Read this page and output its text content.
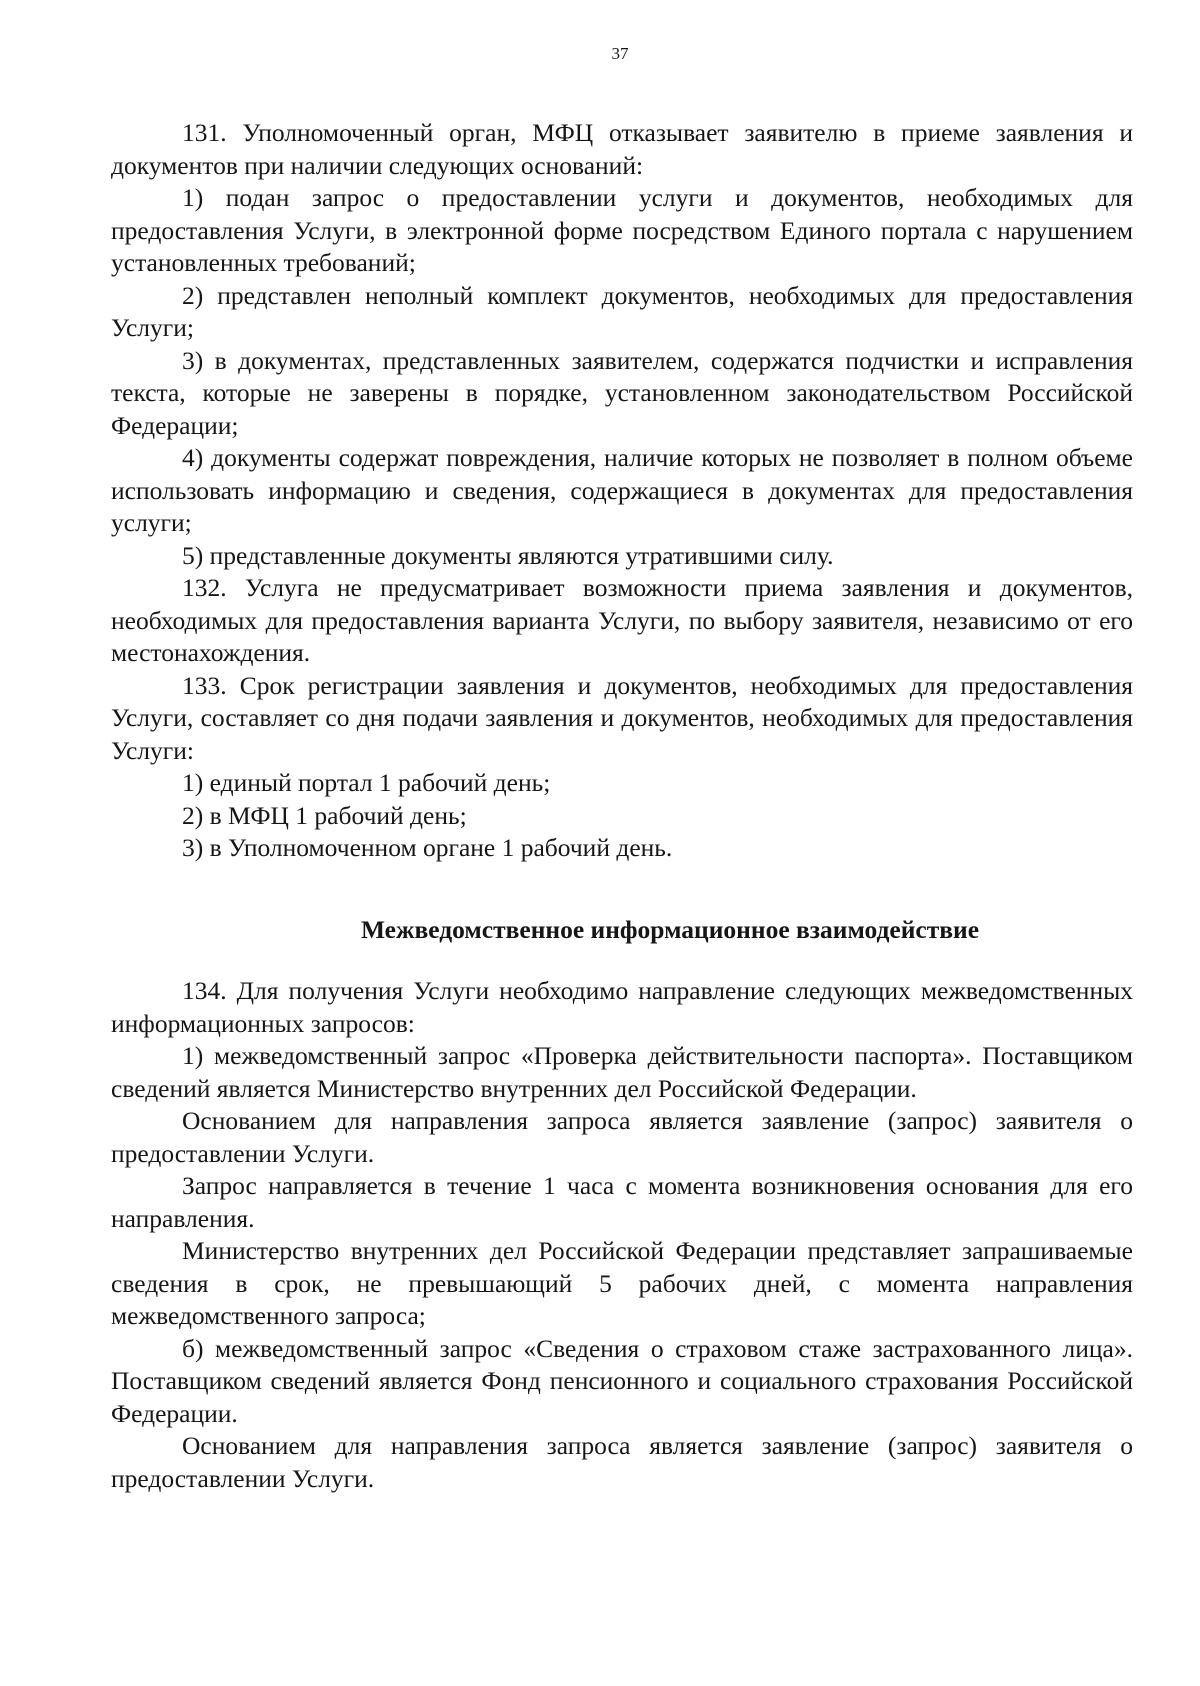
37

131. Уполномоченный орган, МФЦ отказывает заявителю в приеме заявления и документов при наличии следующих оснований:

1) подан запрос о предоставлении услуги и документов, необходимых для предоставления Услуги, в электронной форме посредством Единого портала с нарушением установленных требований;

2) представлен неполный комплект документов, необходимых для предоставления Услуги;

3) в документах, представленных заявителем, содержатся подчистки и исправления текста, которые не заверены в порядке, установленном законодательством Российской Федерации;

4) документы содержат повреждения, наличие которых не позволяет в полном объеме использовать информацию и сведения, содержащиеся в документах для предоставления услуги;

5) представленные документы являются утратившими силу.

132. Услуга не предусматривает возможности приема заявления и документов, необходимых для предоставления варианта Услуги, по выбору заявителя, независимо от его местонахождения.

133. Срок регистрации заявления и документов, необходимых для предоставления Услуги, составляет со дня подачи заявления и документов, необходимых для предоставления Услуги:

1) единый портал 1 рабочий день;

2) в МФЦ 1 рабочий день;

3) в Уполномоченном органе 1 рабочий день.

Межведомственное информационное взаимодействие

134. Для получения Услуги необходимо направление следующих межведомственных информационных запросов:

1) межведомственный запрос «Проверка действительности паспорта». Поставщиком сведений является Министерство внутренних дел Российской Федерации.

Основанием для направления запроса является заявление (запрос) заявителя о предоставлении Услуги.

Запрос направляется в течение 1 часа с момента возникновения основания для его направления.

Министерство внутренних дел Российской Федерации представляет запрашиваемые сведения в срок, не превышающий 5 рабочих дней, с момента направления межведомственного запроса;

б) межведомственный запрос «Сведения о страховом стаже застрахованного лица». Поставщиком сведений является Фонд пенсионного и социального страхования Российской Федерации.

Основанием для направления запроса является заявление (запрос) заявителя о предоставлении Услуги.
